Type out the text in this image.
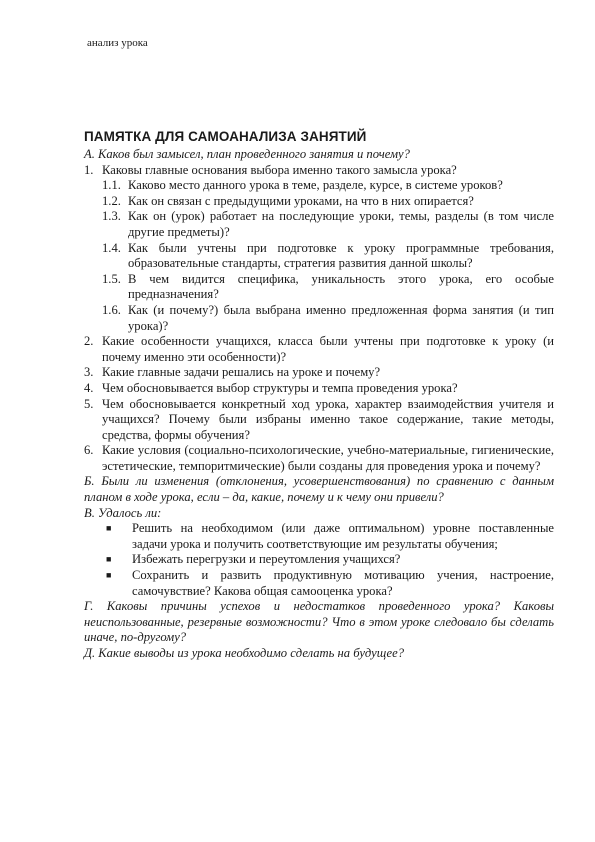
анализ урока
ПАМЯТКА ДЛЯ САМОАНАЛИЗА ЗАНЯТИЙ

А. Каков был замысел, план проведенного занятия и почему?

1. Каковы главные основания выбора именно такого замысла урока?
1.1. Каково место данного урока в теме, разделе, курсе, в системе уроков?
1.2. Как он связан с предыдущими уроками, на что в них опирается?
1.3. Как он (урок) работает на последующие уроки, темы, разделы (в том числе другие предметы)?
1.4. Как были учтены при подготовке к уроку программные требования, образовательные стандарты, стратегия развития данной школы?
1.5. В чем видится специфика, уникальность этого урока, его особые предназначения?
1.6. Как (и почему?) была выбрана именно предложенная форма занятия (и тип урока)?
2. Какие особенности учащихся, класса были учтены при подготовке к уроку (и почему именно эти особенности)?
3. Какие главные задачи решались на уроке и почему?
4. Чем обосновывается выбор структуры и темпа проведения урока?
5. Чем обосновывается конкретный ход урока, характер взаимодействия учителя и учащихся? Почему были избраны именно такое содержание, такие методы, средства, формы обучения?
6. Какие условия (социально-психологические, учебно-материальные, гигиенические, эстетические, темпоритмические) были созданы для проведения урока и почему?

Б. Были ли изменения (отклонения, усовершенствования) по сравнению с данным планом в ходе урока, если – да, какие, почему и к чему они привели?

В. Удалось ли:

■	Решить на необходимом (или даже оптимальном) уровне поставленные задачи урока и получить соответствующие им результаты обучения;
■	Избежать перегрузки и переутомления учащихся?
■	Сохранить и развить продуктивную мотивацию учения, настроение, самочувствие? Какова общая самооценка урока?

Г. Каковы причины успехов и недостатков проведенного урока? Каковы неиспользованные, резервные возможности? Что в этом уроке следовало бы сделать иначе, по-другому?

Д. Какие выводы из урока необходимо сделать на будущее?
